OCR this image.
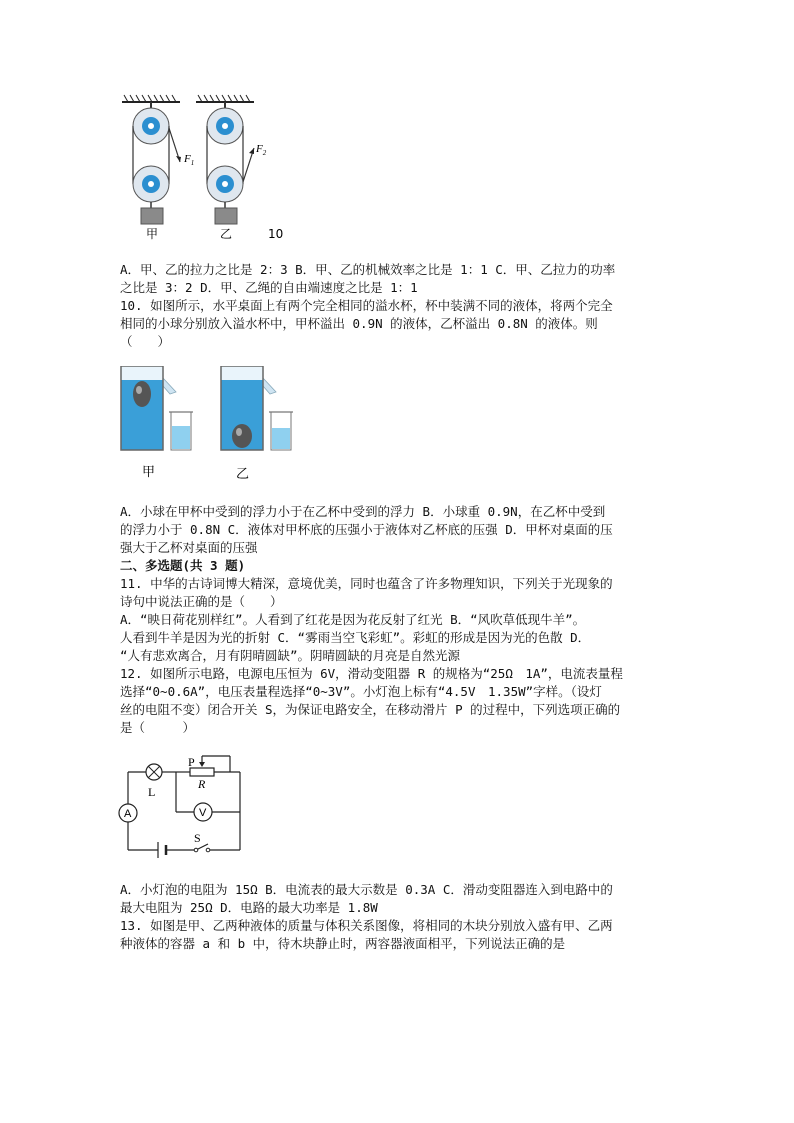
$F_1$
$F_2$
甲	乙	10
A．甲、乙的拉力之比是 2：3 B．甲、乙的机械效率之比是 1：1 C．甲、乙拉力的功率
之比是 3：2 D．甲、乙绳的自由端速度之比是 1：1
10. 如图所示，水平桌面上有两个完全相同的溢水杯，杯中装满不同的液体，将两个完全
相同的小球分别放入溢水杯中，甲杯溢出 0.9N 的液体，乙杯溢出 0.8N 的液体。则
（　　）
甲	乙
A．小球在甲杯中受到的浮力小于在乙杯中受到的浮力 B．小球重 0.9N，在乙杯中受到
的浮力小于 0.8N C．液体对甲杯底的压强小于液体对乙杯底的压强 D．甲杯对桌面的压
强大于乙杯对桌面的压强
二、多选题(共 3 题)
11. 中华的古诗词博大精深，意境优美，同时也蕴含了许多物理知识，下列关于光现象的
诗句中说法正确的是（　　）
A．“映日荷花别样红”。人看到了红花是因为花反射了红光 B．“风吹草低现牛羊”。
人看到牛羊是因为光的折射 C．“雾雨当空飞彩虹”。彩虹的形成是因为光的色散 D．
“人有悲欢离合，月有阴晴圆缺”。阴晴圆缺的月亮是自然光源
12. 如图所示电路，电源电压恒为 6V，滑动变阻器 R 的规格为“25Ω　1A”，电流表量程
选择“0~0.6A”，电压表量程选择“0~3V”。小灯泡上标有“4.5V　1.35W”字样。（设灯
丝的电阻不变）闭合开关 S，为保证电路安全，在移动滑片 P 的过程中，下列选项正确的
是（　　　）
A	V
P
R
L
S
A．小灯泡的电阻为 15Ω B．电流表的最大示数是 0.3A C．滑动变阻器连入到电路中的
最大电阻为 25Ω D．电路的最大功率是 1.8W
13. 如图是甲、乙两种液体的质量与体积关系图像，将相同的木块分别放入盛有甲、乙两
种液体的容器 a 和 b 中，待木块静止时，两容器液面相平，下列说法正确的是
